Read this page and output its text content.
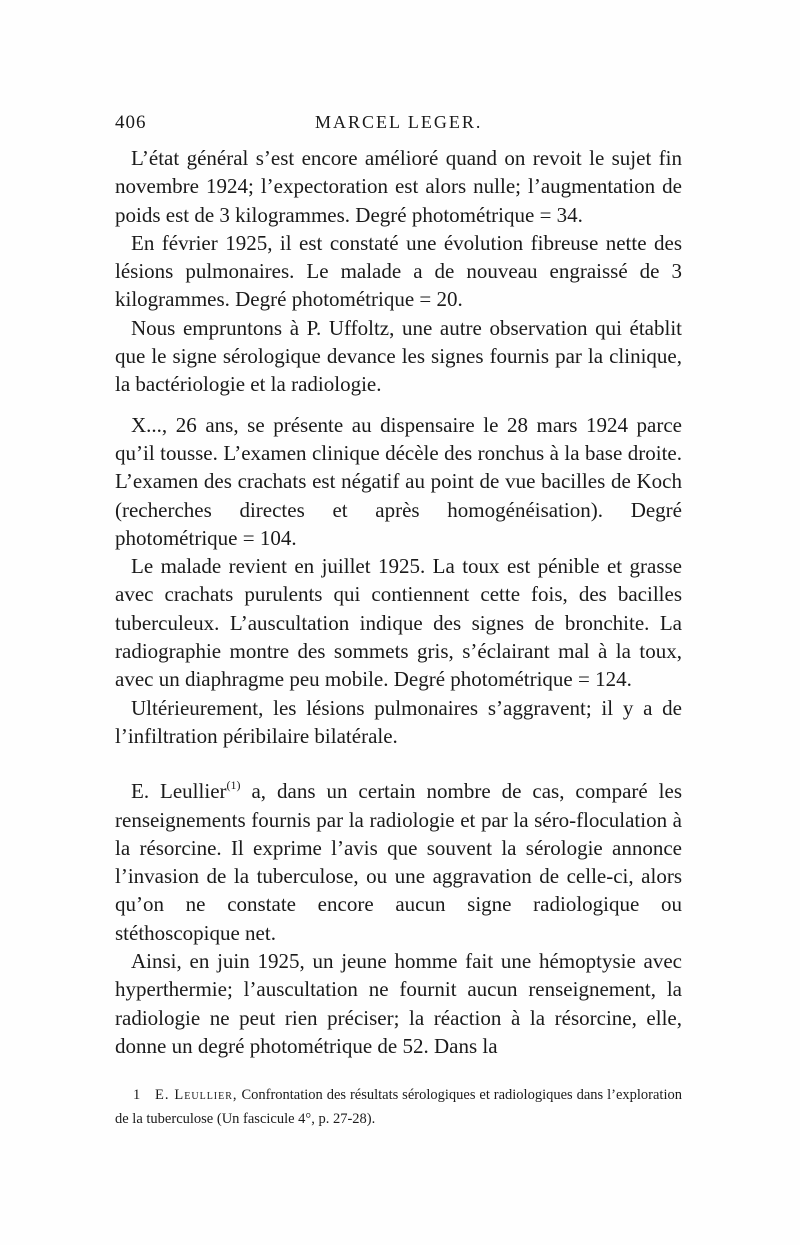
406	MARCEL LEGER.

L’état général s’est encore amélioré quand on revoit le sujet fin novembre 1924; l’expectoration est alors nulle; l’augmentation de poids est de 3 kilogrammes. Degré photométrique = 34.

En février 1925, il est constaté une évolution fibreuse nette des lésions pulmonaires. Le malade a de nouveau engraissé de 3 kilogrammes. Degré photométrique = 20.

Nous empruntons à P. Uffoltz, une autre observation qui établit que le signe sérologique devance les signes fournis par la clinique, la bactériologie et la radiologie.

X..., 26 ans, se présente au dispensaire le 28 mars 1924 parce qu’il tousse. L’examen clinique décèle des ronchus à la base droite. L’examen des crachats est négatif au point de vue bacilles de Koch (recherches directes et après homogénéisation). Degré photométrique = 104.

Le malade revient en juillet 1925. La toux est pénible et grasse avec crachats purulents qui contiennent cette fois, des bacilles tuberculeux. L’auscultation indique des signes de bronchite. La radiographie montre des sommets gris, s’éclairant mal à la toux, avec un diaphragme peu mobile. Degré photométrique = 124.

Ultérieurement, les lésions pulmonaires s’aggravent; il y a de l’infiltration péribilaire bilatérale.

E. Leullier$^{(1)}$ a, dans un certain nombre de cas, comparé les renseignements fournis par la radiologie et par la séro-floculation à la résorcine. Il exprime l’avis que souvent la sérologie annonce l’invasion de la tuberculose, ou une aggravation de celle-ci, alors qu’on ne constate encore aucun signe radiologique ou stéthoscopique net.

Ainsi, en juin 1925, un jeune homme fait une hémoptysie avec hyperthermie; l’auscultation ne fournit aucun renseignement, la radiologie ne peut rien préciser; la réaction à la résorcine, elle, donne un degré photométrique de 52. Dans la

1 E. Leullier, Confrontation des résultats sérologiques et radiologiques dans l’exploration de la tuberculose (Un fascicule 4°, p. 27-28).
